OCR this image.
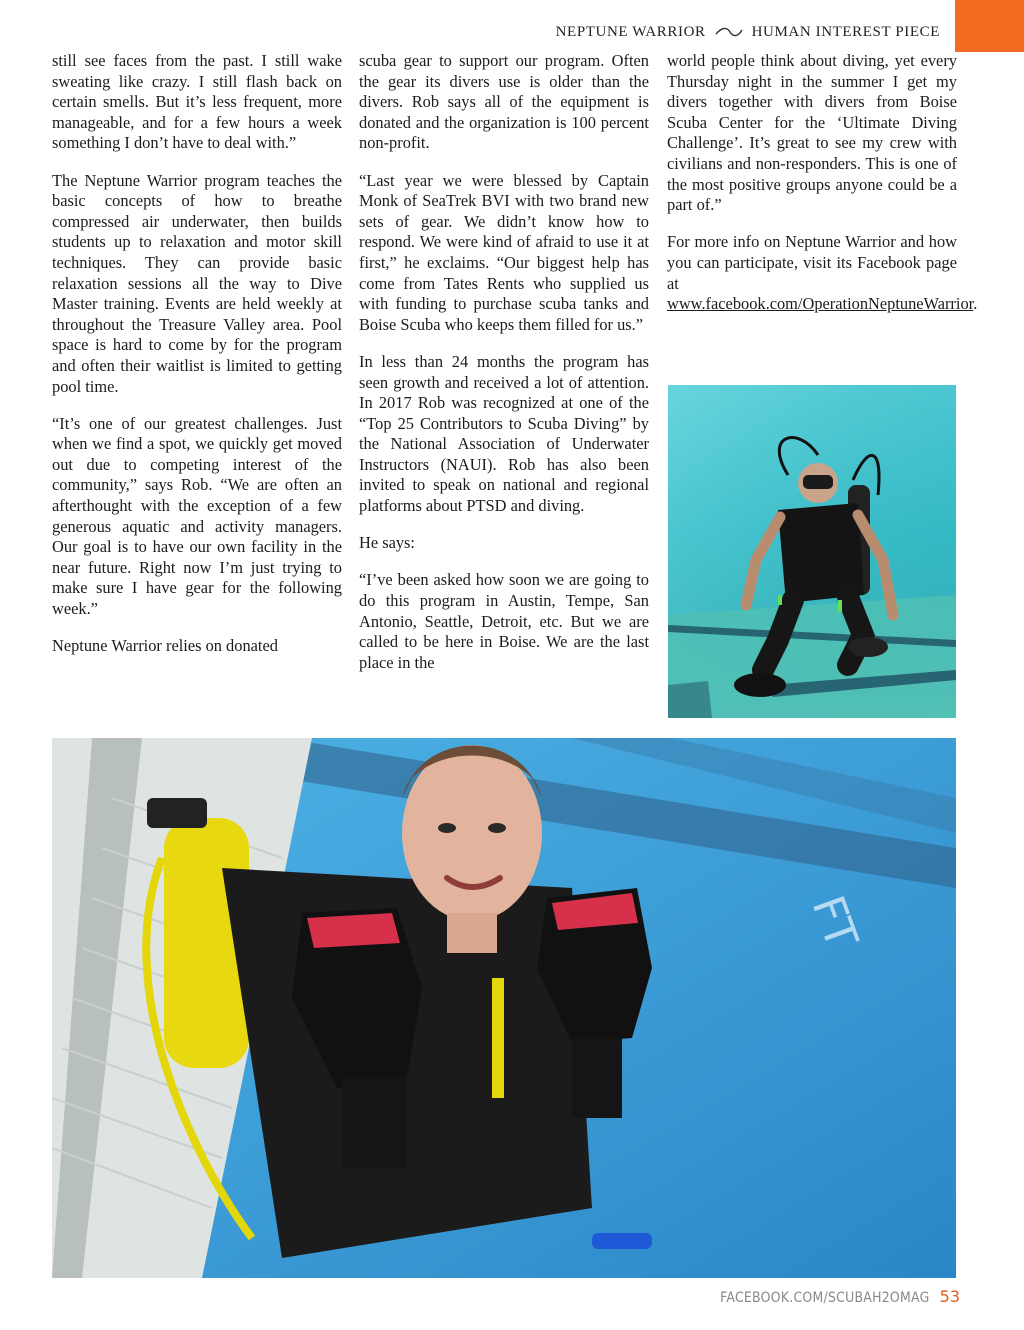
NEPTUNE WARRIOR	HUMAN INTEREST PIECE

still see faces from the past. I still wake sweating like crazy. I still flash back on certain smells. But it’s less frequent, more manageable, and for a few hours a week something I don’t have to deal with.”

The Neptune Warrior program teaches the basic concepts of how to breathe compressed air underwater, then builds students up to relaxation and motor skill techniques. They can provide basic relaxation sessions all the way to Dive Master training. Events are held weekly at throughout the Treasure Valley area. Pool space is hard to come by for the program and often their waitlist is limited to getting pool time.

“It’s one of our greatest challenges. Just when we find a spot, we quickly get moved out due to competing interest of the community,” says Rob. “We are often an afterthought with the exception of a few generous aquatic and activity managers. Our goal is to have our own facility in the near future. Right now I’m just trying to make sure I have gear for the following week.”

Neptune Warrior relies on donated

scuba gear to support our program. Often the gear its divers use is older than the divers. Rob says all of the equipment is donated and the organization is 100 percent non-profit.

“Last year we were blessed by Captain Monk of SeaTrek BVI with two brand new sets of gear. We didn’t know how to respond. We were kind of afraid to use it at first,” he exclaims. “Our biggest help has come from Tates Rents who supplied us with funding to purchase scuba tanks and Boise Scuba who keeps them filled for us.”

In less than 24 months the program has seen growth and received a lot of attention. In 2017 Rob was recognized at one of the “Top 25 Contributors to Scuba Diving” by the National Association of Underwater Instructors (NAUI). Rob has also been invited to speak on national and regional platforms about PTSD and diving.

He says:

“I’ve been asked how soon we are going to do this program in Austin, Tempe, San Antonio, Seattle, Detroit, etc. But we are called to be here in Boise. We are the last place in the

world people think about diving, yet every Thursday night in the summer I get my divers together with divers from Boise Scuba Center for the ‘Ultimate Diving Challenge’. It’s great to see my crew with civilians and non-responders. This is one of the most positive groups anyone could be a part of.”

For more info on Neptune Warrior and how you can participate, visit its Facebook page at www.facebook.com/OperationNeptuneWarrior.

FT
FACEBOOK.COM/SCUBAH2OMAG 53
